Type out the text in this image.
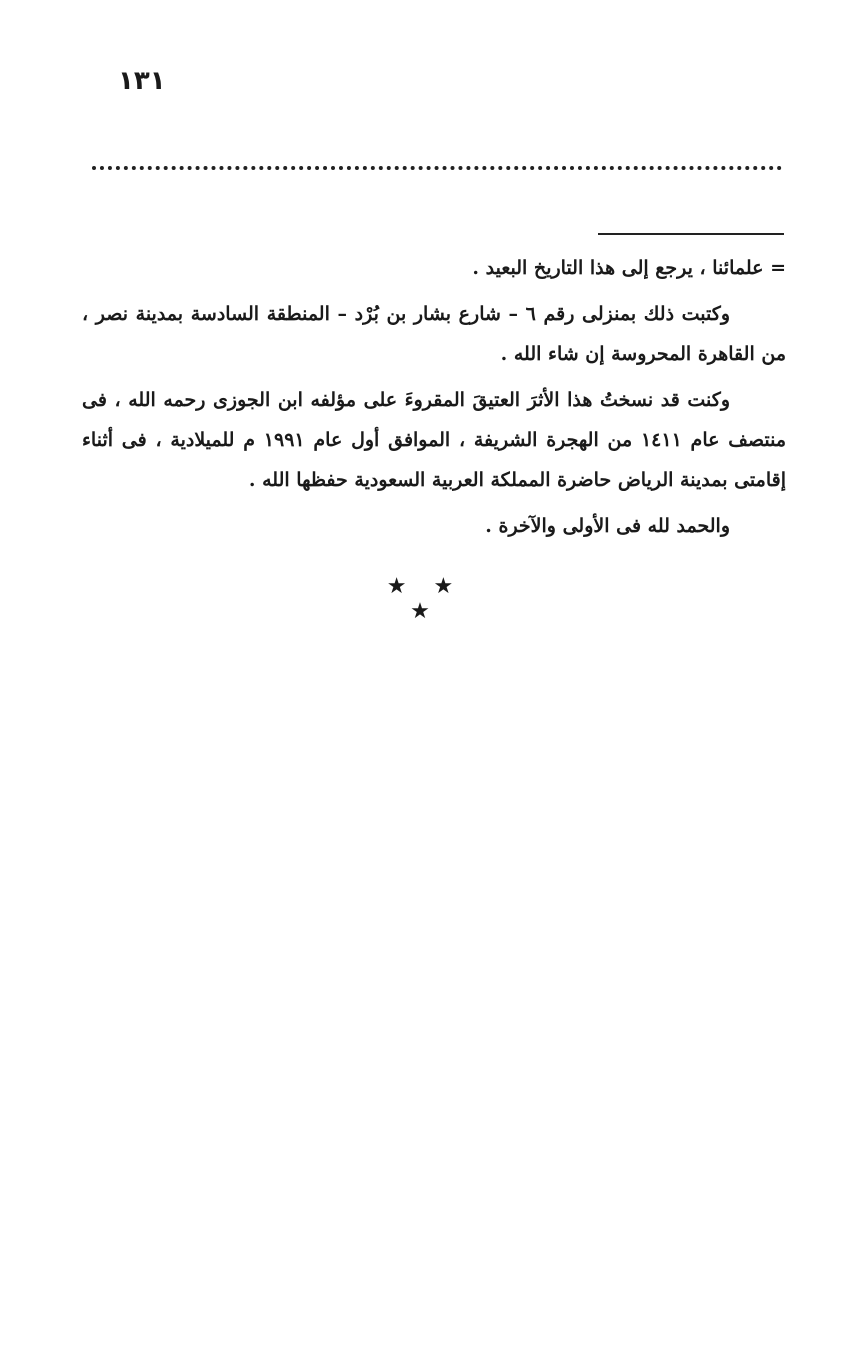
١٣١

= علمائنا ، يرجع إلى هذا التاريخ البعيد .

وكتبت ذلك بمنزلى رقم ٦ – شارع بشار بن بُرْد – المنطقة السادسة بمدينة نصر ، من القاهرة المحروسة إن شاء الله .

وكنت قد نسختُ هذا الأثرَ العتيقَ المقروءَ على مؤلفه ابن الجوزى رحمه الله ، فى منتصف عام ١٤١١ من الهجرة الشريفة ، الموافق أول عام ١٩٩١ م للميلادية ، فى أثناء إقامتى بمدينة الرياض حاضرة المملكة العربية السعودية حفظها الله .

والحمد لله فى الأولى والآخرة .

★ ★ ★
